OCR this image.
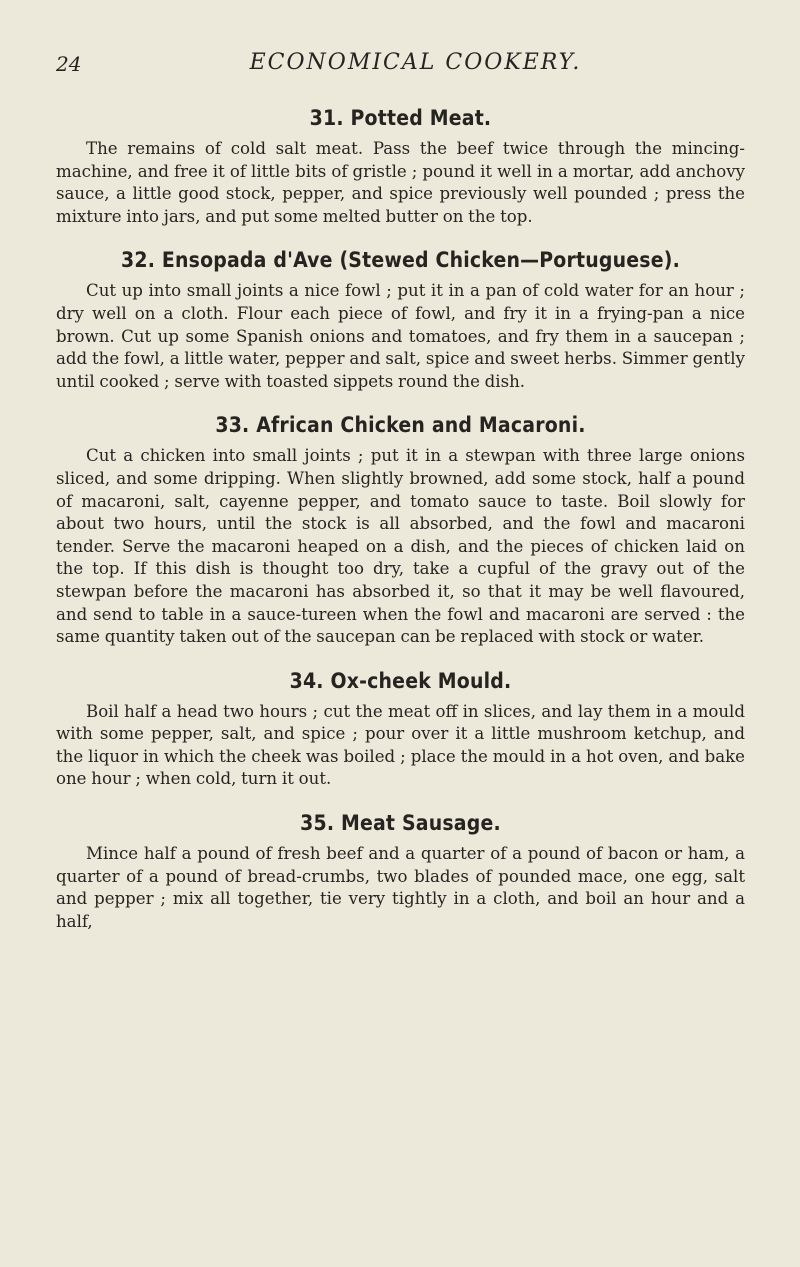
24	ECONOMICAL COOKERY.
31. Potted Meat.

The remains of cold salt meat. Pass the beef twice through the mincing-machine, and free it of little bits of gristle ; pound it well in a mortar, add anchovy sauce, a little good stock, pepper, and spice previously well pounded ; press the mixture into jars, and put some melted butter on the top.

32. Ensopada d'Ave (Stewed Chicken—Portuguese).

Cut up into small joints a nice fowl ; put it in a pan of cold water for an hour ; dry well on a cloth. Flour each piece of fowl, and fry it in a frying-pan a nice brown. Cut up some Spanish onions and tomatoes, and fry them in a saucepan ; add the fowl, a little water, pepper and salt, spice and sweet herbs. Simmer gently until cooked ; serve with toasted sippets round the dish.

33. African Chicken and Macaroni.

Cut a chicken into small joints ; put it in a stewpan with three large onions sliced, and some dripping. When slightly browned, add some stock, half a pound of macaroni, salt, cayenne pepper, and tomato sauce to taste. Boil slowly for about two hours, until the stock is all absorbed, and the fowl and macaroni tender. Serve the macaroni heaped on a dish, and the pieces of chicken laid on the top. If this dish is thought too dry, take a cupful of the gravy out of the stewpan before the macaroni has absorbed it, so that it may be well flavoured, and send to table in a sauce-tureen when the fowl and macaroni are served : the same quantity taken out of the saucepan can be replaced with stock or water.

34. Ox-cheek Mould.

Boil half a head two hours ; cut the meat off in slices, and lay them in a mould with some pepper, salt, and spice ; pour over it a little mushroom ketchup, and the liquor in which the cheek was boiled ; place the mould in a hot oven, and bake one hour ; when cold, turn it out.

35. Meat Sausage.

Mince half a pound of fresh beef and a quarter of a pound of bacon or ham, a quarter of a pound of bread-crumbs, two blades of pounded mace, one egg, salt and pepper ; mix all together, tie very tightly in a cloth, and boil an hour and a half,
